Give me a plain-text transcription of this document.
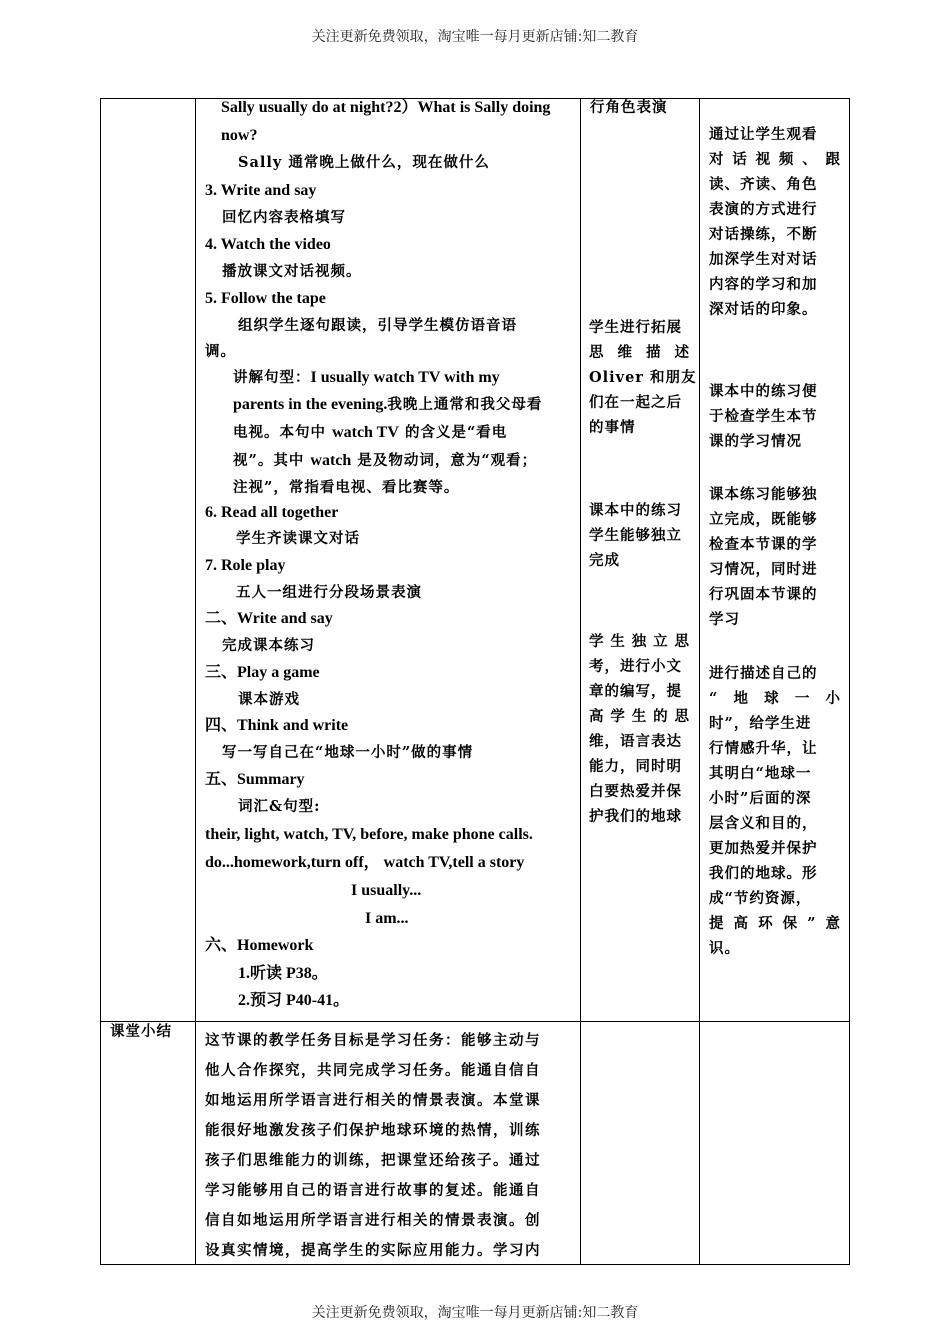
关注更新免费领取，淘宝唯一每月更新店铺:知二教育
Sally usually do at night?2）What is Sally doing
now?
Sally 通常晚上做什么，现在做什么
3. Write and say
回忆内容表格填写
4. Watch the video
播放课文对话视频。
5. Follow the tape
组织学生逐句跟读，引导学生模仿语音语
调。
讲解句型：I usually watch TV with my
parents in the evening.我晚上通常和我父母看
电视。本句中 watch TV 的含义是“看电
视”。其中 watch 是及物动词，意为“观看；
注视”，常指看电视、看比赛等。
6. Read all together
学生齐读课文对话
7. Role play
五人一组进行分段场景表演
二、Write and say
完成课本练习
三、Play a game
课本游戏
四、Think and write
写一写自己在“地球一小时”做的事情
五、Summary
词汇&句型:
their, light, watch, TV, before, make phone calls.
do...homework,turn off， watch TV,tell a story
I usually...
I am...
六、Homework
1.听读 P38。
2.预习 P40-41。
行角色表演
学生进行拓展
思 维 描 述
Oliver 和朋友
们在一起之后
的事情
课本中的练习
学生能够独立
完成
学 生 独 立 思
考，进行小文
章的编写，提
高 学 生 的 思
维，语言表达
能力，同时明
白要热爱并保
护我们的地球
通过让学生观看
对 话 视 频 、 跟
读、齐读、角色
表演的方式进行
对话操练，不断
加深学生对对话
内容的学习和加
深对话的印象。
课本中的练习便
于检查学生本节
课的学习情况
课本练习能够独
立完成，既能够
检查本节课的学
习情况，同时进
行巩固本节课的
学习
进行描述自己的
“ 地 球 一 小
时”，给学生进
行情感升华，让
其明白“地球一
小时”后面的深
层含义和目的，
更加热爱并保护
我们的地球。形
成“节约资源，
提 高 环 保 ” 意
识。
课堂小结
这节课的教学任务目标是学习任务：能够主动与
他人合作探究，共同完成学习任务。能通自信自
如地运用所学语言进行相关的情景表演。本堂课
能很好地激发孩子们保护地球环境的热情，训练
孩子们思维能力的训练，把课堂还给孩子。通过
学习能够用自己的语言进行故事的复述。能通自
信自如地运用所学语言进行相关的情景表演。创
设真实情境，提高学生的实际应用能力。学习内
关注更新免费领取，淘宝唯一每月更新店铺:知二教育
